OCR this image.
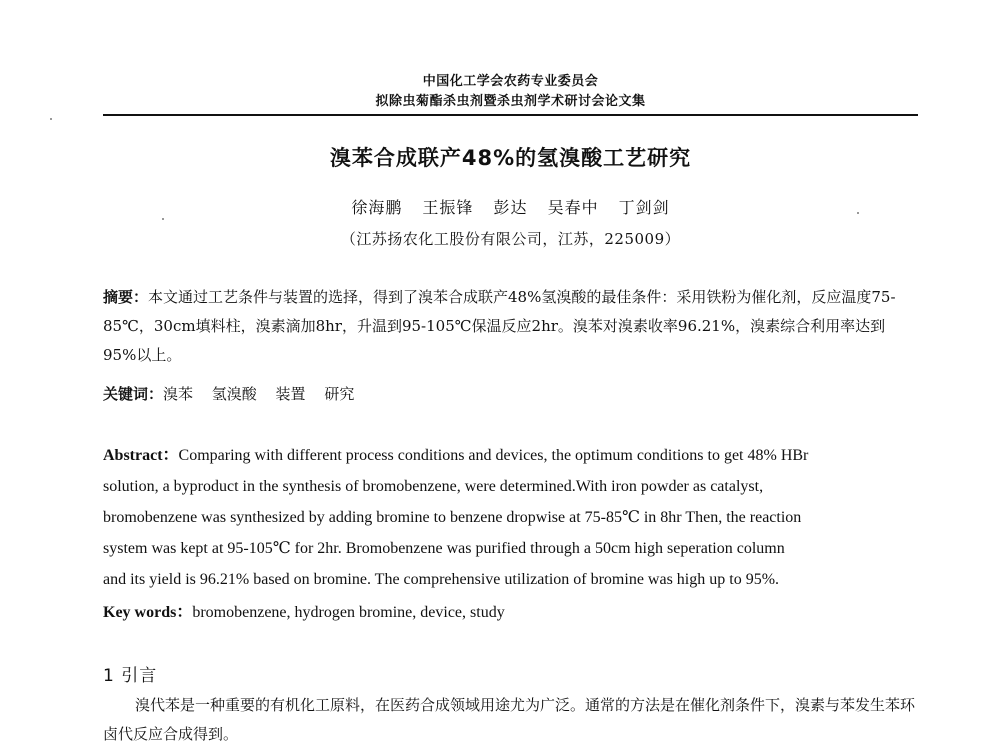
中国化工学会农药专业委员会
拟除虫菊酯杀虫剂暨杀虫剂学术研讨会论文集
溴苯合成联产48%的氢溴酸工艺研究
徐海鹏 王振锋 彭达 吴春中 丁剑剑
（江苏扬农化工股份有限公司，江苏，225009）
摘要：本文通过工艺条件与装置的选择，得到了溴苯合成联产48%氢溴酸的最佳条件：采用铁粉为催化剂，反应温度75-85℃，30cm填料柱，溴素滴加8hr，升温到95-105℃保温反应2hr。溴苯对溴素收率96.21%，溴素综合利用率达到95%以上。
关键词：溴苯 氢溴酸 装置 研究
Abstract：Comparing with different process conditions and devices, the optimum conditions to get 48% HBr
solution, a byproduct in the synthesis of bromobenzene, were determined.With iron powder as catalyst,
bromobenzene was synthesized by adding bromine to benzene dropwise at 75-85℃ in 8hr Then, the reaction
system was kept at 95-105℃ for 2hr. Bromobenzene was purified through a 50cm high seperation column
and its yield is 96.21% based on bromine. The comprehensive utilization of bromine was high up to 95%.
Key words：bromobenzene, hydrogen bromine, device, study
1 引言
溴代苯是一种重要的有机化工原料，在医药合成领域用途尤为广泛。通常的方法是在催化剂条件下，溴素与苯发生苯环卤代反应合成得到。
